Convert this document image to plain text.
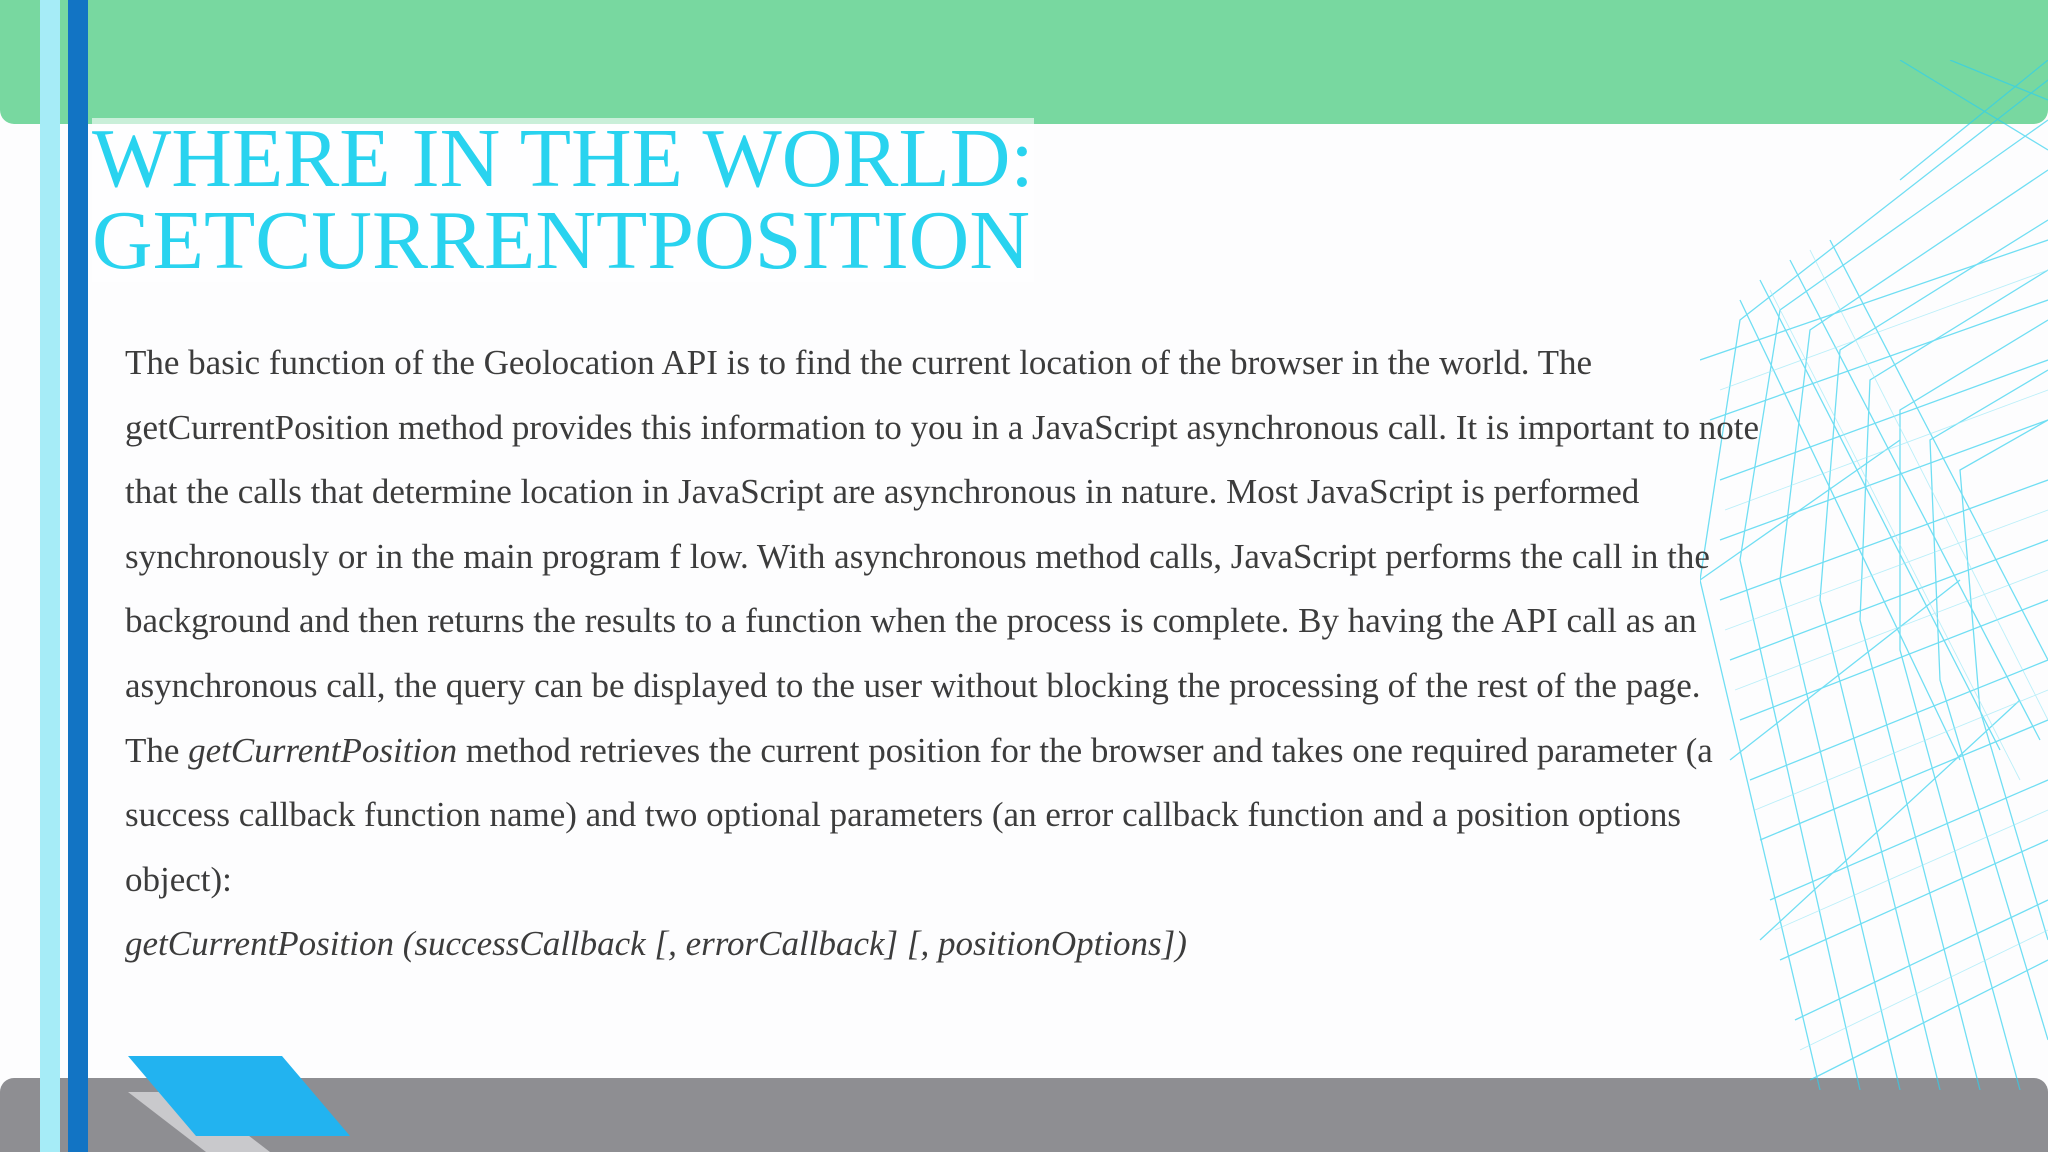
WHERE IN THE WORLD:
GETCURRENTPOSITION
The basic function of the Geolocation API is to find the current location of the browser in the world. The
getCurrentPosition method provides this information to you in a JavaScript asynchronous call. It is important to note
that the calls that determine location in JavaScript are asynchronous in nature. Most JavaScript is performed
synchronously or in the main program f low. With asynchronous method calls, JavaScript performs the call in the
background and then returns the results to a function when the process is complete. By having the API call as an
asynchronous call, the query can be displayed to the user without blocking the processing of the rest of the page.
The getCurrentPosition method retrieves the current position for the browser and takes one required parameter (a
success callback function name) and two optional parameters (an error callback function and a position options
object):
getCurrentPosition (successCallback [, errorCallback] [, positionOptions])
